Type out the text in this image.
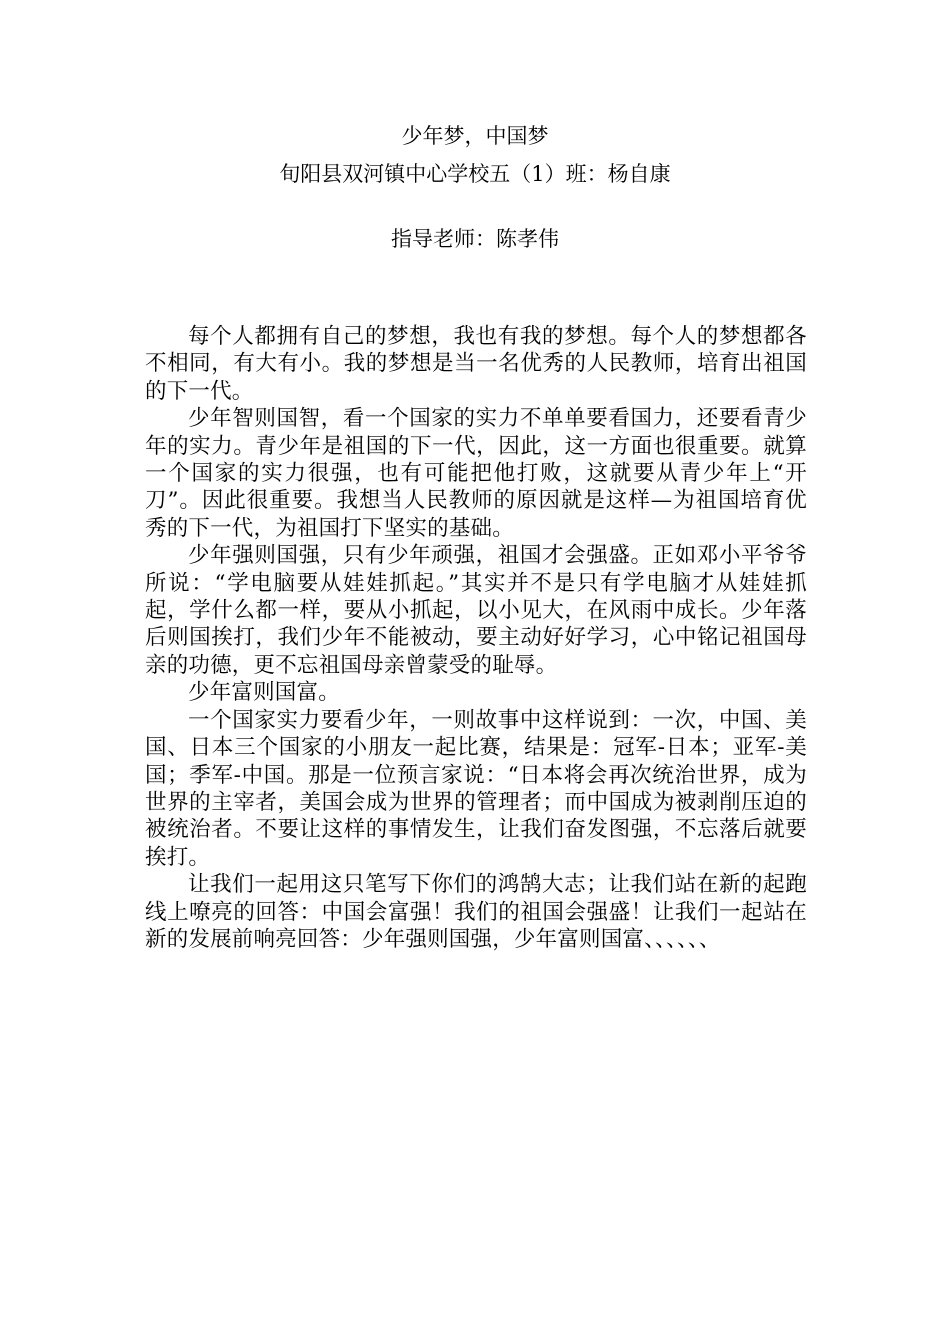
少年梦，中国梦
旬阳县双河镇中心学校五（1）班：杨自康
指导老师：陈孝伟

每个人都拥有自己的梦想，我也有我的梦想。每个人的梦想都各不相同，有大有小。我的梦想是当一名优秀的人民教师，培育出祖国的下一代。

少年智则国智，看一个国家的实力不单单要看国力，还要看青少年的实力。青少年是祖国的下一代，因此，这一方面也很重要。就算一个国家的实力很强，也有可能把他打败，这就要从青少年上“开刀”。因此很重要。我想当人民教师的原因就是这样—为祖国培育优秀的下一代，为祖国打下坚实的基础。

少年强则国强，只有少年顽强，祖国才会强盛。正如邓小平爷爷所说：“学电脑要从娃娃抓起。”其实并不是只有学电脑才从娃娃抓起，学什么都一样，要从小抓起，以小见大，在风雨中成长。少年落后则国挨打，我们少年不能被动，要主动好好学习，心中铭记祖国母亲的功德，更不忘祖国母亲曾蒙受的耻辱。

少年富则国富。

一个国家实力要看少年，一则故事中这样说到：一次，中国、美国、日本三个国家的小朋友一起比赛，结果是：冠军-日本；亚军-美国；季军-中国。那是一位预言家说：“日本将会再次统治世界，成为世界的主宰者，美国会成为世界的管理者；而中国成为被剥削压迫的被统治者。不要让这样的事情发生，让我们奋发图强，不忘落后就要挨打。

让我们一起用这只笔写下你们的鸿鹄大志；让我们站在新的起跑线上嘹亮的回答：中国会富强！我们的祖国会强盛！让我们一起站在新的发展前响亮回答：少年强则国强，少年富则国富、、、、、、
